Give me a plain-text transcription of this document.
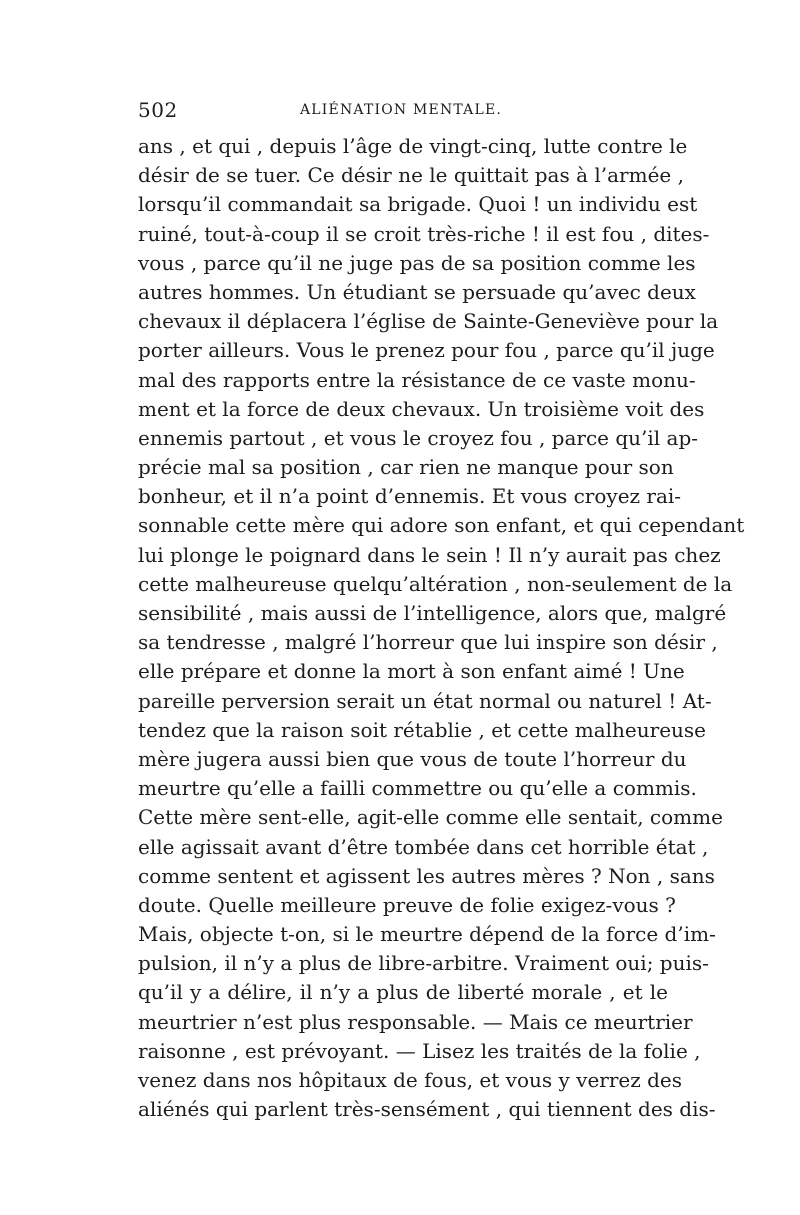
502	ALIÉNATION MENTALE.
ans , et qui , depuis l’âge de vingt-cinq, lutte contre le
désir de se tuer. Ce désir ne le quittait pas à l’armée ,
lorsqu’il commandait sa brigade. Quoi ! un individu est
ruiné, tout-à-coup il se croit très-riche ! il est fou , dites-
vous , parce qu’il ne juge pas de sa position comme les
autres hommes. Un étudiant se persuade qu’avec deux
chevaux il déplacera l’église de Sainte-Geneviève pour la
porter ailleurs. Vous le prenez pour fou , parce qu’il juge
mal des rapports entre la résistance de ce vaste monu-
ment et la force de deux chevaux. Un troisième voit des
ennemis partout , et vous le croyez fou , parce qu’il ap-
précie mal sa position , car rien ne manque pour son
bonheur, et il n’a point d’ennemis. Et vous croyez rai-
sonnable cette mère qui adore son enfant, et qui cependant
lui plonge le poignard dans le sein ! Il n’y aurait pas chez
cette malheureuse quelqu’altération , non-seulement de la
sensibilité , mais aussi de l’intelligence, alors que, malgré
sa tendresse , malgré l’horreur que lui inspire son désir ,
elle prépare et donne la mort à son enfant aimé ! Une
pareille perversion serait un état normal ou naturel ! At-
tendez que la raison soit rétablie , et cette malheureuse
mère jugera aussi bien que vous de toute l’horreur du
meurtre qu’elle a failli commettre ou qu’elle a commis.
Cette mère sent-elle, agit-elle comme elle sentait, comme
elle agissait avant d’être tombée dans cet horrible état ,
comme sentent et agissent les autres mères ? Non , sans
doute. Quelle meilleure preuve de folie exigez-vous ?
Mais, objecte t-on, si le meurtre dépend de la force d’im-
pulsion, il n’y a plus de libre-arbitre. Vraiment oui; puis-
qu’il y a délire, il n’y a plus de liberté morale , et le
meurtrier n’est plus responsable. — Mais ce meurtrier
raisonne , est prévoyant. — Lisez les traités de la folie ,
venez dans nos hôpitaux de fous, et vous y verrez des
aliénés qui parlent très-sensément , qui tiennent des dis-
